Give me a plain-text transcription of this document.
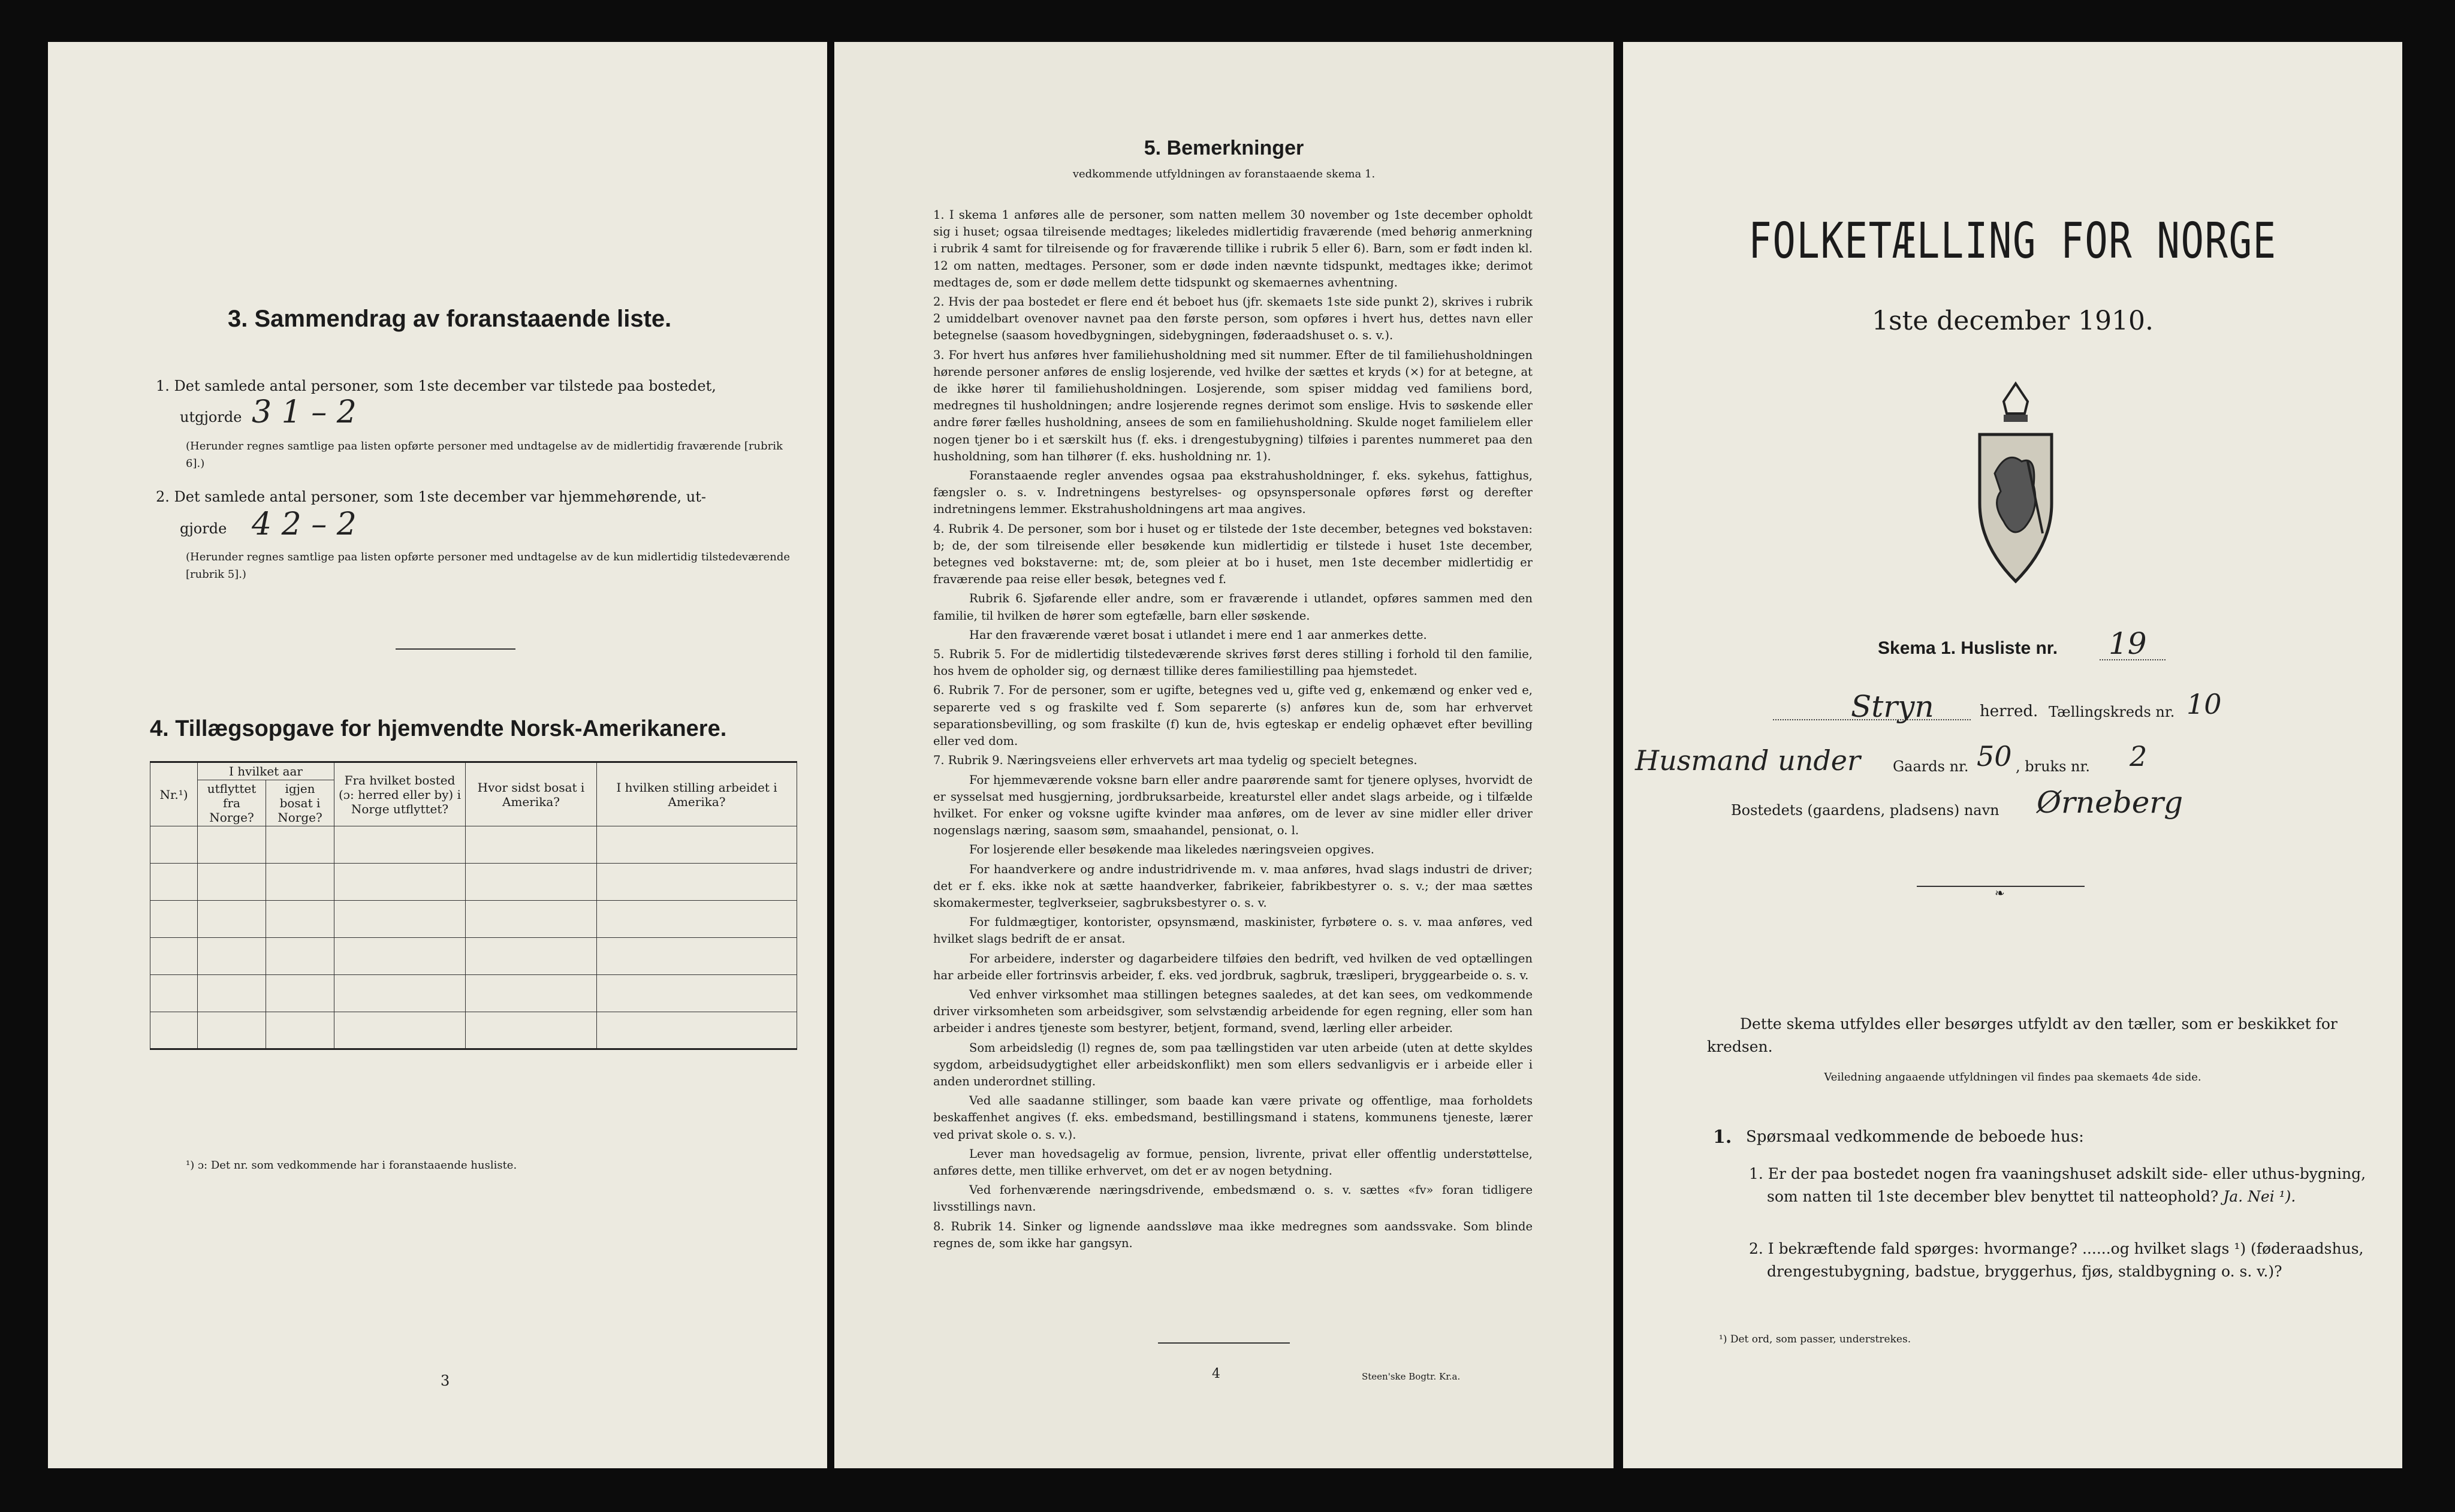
3. Sammendrag av foranstaaende liste.
1. Det samlede antal personer, som 1ste december var tilstede paa bostedet,
utgjorde 3 1 – 2
(Herunder regnes samtlige paa listen opførte personer med undtagelse av de midlertidig fraværende [rubrik 6].)
2. Det samlede antal personer, som 1ste december var hjemmehørende, ut-
gjorde 4 2 – 2
(Herunder regnes samtlige paa listen opførte personer med undtagelse av de kun midlertidig tilstedeværende [rubrik 5].)
4. Tillægsopgave for hjemvendte Norsk-Amerikanere.
Nr.¹)	I hvilket aar		Fra hvilket bosted (ɔ: herred eller by) i Norge utflyttet?	Hvor sidst bosat i Amerika?	I hvilken stilling arbeidet i Amerika?
	utflyttet fra Norge?	igjen bosat i Norge?			

¹) ɔ: Det nr. som vedkommende har i foranstaaende husliste.
3
5. Bemerkninger
vedkommende utfyldningen av foranstaaende skema 1.

1. I skema 1 anføres alle de personer, som natten mellem 30 november og 1ste december opholdt sig i huset; ogsaa tilreisende medtages; likeledes midlertidig fraværende (med behørig anmerkning i rubrik 4 samt for tilreisende og for fraværende tillike i rubrik 5 eller 6). Barn, som er født inden kl. 12 om natten, medtages. Personer, som er døde inden nævnte tidspunkt, medtages ikke; derimot medtages de, som er døde mellem dette tidspunkt og skemaernes avhentning.

2. Hvis der paa bostedet er flere end ét beboet hus (jfr. skemaets 1ste side punkt 2), skrives i rubrik 2 umiddelbart ovenover navnet paa den første person, som opføres i hvert hus, dettes navn eller betegnelse (saasom hovedbygningen, sidebygningen, føderaadshuset o. s. v.).

3. For hvert hus anføres hver familiehusholdning med sit nummer. Efter de til familiehusholdningen hørende personer anføres de enslig losjerende, ved hvilke der sættes et kryds (×) for at betegne, at de ikke hører til familiehusholdningen. Losjerende, som spiser middag ved familiens bord, medregnes til husholdningen; andre losjerende regnes derimot som enslige. Hvis to søskende eller andre fører fælles husholdning, ansees de som en familiehusholdning. Skulde noget familielem eller nogen tjener bo i et særskilt hus (f. eks. i drengestubygning) tilføies i parentes nummeret paa den husholdning, som han tilhører (f. eks. husholdning nr. 1).

Foranstaaende regler anvendes ogsaa paa ekstrahusholdninger, f. eks. sykehus, fattighus, fængsler o. s. v. Indretningens bestyrelses- og opsynspersonale opføres først og derefter indretningens lemmer. Ekstrahusholdningens art maa angives.

4. Rubrik 4. De personer, som bor i huset og er tilstede der 1ste december, betegnes ved bokstaven: b; de, der som tilreisende eller besøkende kun midlertidig er tilstede i huset 1ste december, betegnes ved bokstaverne: mt; de, som pleier at bo i huset, men 1ste december midlertidig er fraværende paa reise eller besøk, betegnes ved f.

Rubrik 6. Sjøfarende eller andre, som er fraværende i utlandet, opføres sammen med den familie, til hvilken de hører som egtefælle, barn eller søskende.

Har den fraværende været bosat i utlandet i mere end 1 aar anmerkes dette.

5. Rubrik 5. For de midlertidig tilstedeværende skrives først deres stilling i forhold til den familie, hos hvem de opholder sig, og dernæst tillike deres familiestilling paa hjemstedet.

6. Rubrik 7. For de personer, som er ugifte, betegnes ved u, gifte ved g, enkemænd og enker ved e, separerte ved s og fraskilte ved f. Som separerte (s) anføres kun de, som har erhvervet separationsbevilling, og som fraskilte (f) kun de, hvis egteskap er endelig ophævet efter bevilling eller ved dom.

7. Rubrik 9. Næringsveiens eller erhvervets art maa tydelig og specielt betegnes.

For hjemmeværende voksne barn eller andre paarørende samt for tjenere oplyses, hvorvidt de er sysselsat med husgjerning, jordbruksarbeide, kreaturstel eller andet slags arbeide, og i tilfælde hvilket. For enker og voksne ugifte kvinder maa anføres, om de lever av sine midler eller driver nogenslags næring, saasom søm, smaahandel, pensionat, o. l.

For losjerende eller besøkende maa likeledes næringsveien opgives.

For haandverkere og andre industridrivende m. v. maa anføres, hvad slags industri de driver; det er f. eks. ikke nok at sætte haandverker, fabrikeier, fabrikbestyrer o. s. v.; der maa sættes skomakermester, teglverkseier, sagbruksbestyrer o. s. v.

For fuldmægtiger, kontorister, opsynsmænd, maskinister, fyrbøtere o. s. v. maa anføres, ved hvilket slags bedrift de er ansat.

For arbeidere, inderster og dagarbeidere tilføies den bedrift, ved hvilken de ved optællingen har arbeide eller fortrinsvis arbeider, f. eks. ved jordbruk, sagbruk, træsliperi, bryggearbeide o. s. v.

Ved enhver virksomhet maa stillingen betegnes saaledes, at det kan sees, om vedkommende driver virksomheten som arbeidsgiver, som selvstændig arbeidende for egen regning, eller som han arbeider i andres tjeneste som bestyrer, betjent, formand, svend, lærling eller arbeider.

Som arbeidsledig (l) regnes de, som paa tællingstiden var uten arbeide (uten at dette skyldes sygdom, arbeidsudygtighet eller arbeidskonflikt) men som ellers sedvanligvis er i arbeide eller i anden underordnet stilling.

Ved alle saadanne stillinger, som baade kan være private og offentlige, maa forholdets beskaffenhet angives (f. eks. embedsmand, bestillingsmand i statens, kommunens tjeneste, lærer ved privat skole o. s. v.).

Lever man hovedsagelig av formue, pension, livrente, privat eller offentlig understøttelse, anføres dette, men tillike erhvervet, om det er av nogen betydning.

Ved forhenværende næringsdrivende, embedsmænd o. s. v. sættes «fv» foran tidligere livsstillings navn.

8. Rubrik 14. Sinker og lignende aandssløve maa ikke medregnes som aandssvake. Som blinde regnes de, som ikke har gangsyn.

4	Steen'ske Bogtr. Kr.a.
FOLKETÆLLING FOR NORGE
1ste december 1910.
Skema 1. Husliste nr. 19
Stryn	herred. Tællingskreds nr. 10
Husmand under Gaards nr. 50 , bruks nr. 2
Bostedets (gaardens, pladsens) navn Ørneberg
❧
Dette skema utfyldes eller besørges utfyldt av den tæller, som er beskikket for kredsen.
Veiledning angaaende utfyldningen vil findes paa skemaets 4de side.
1. Spørsmaal vedkommende de beboede hus:
1. Er der paa bostedet nogen fra vaaningshuset adskilt side- eller uthus-bygning, som natten til 1ste december blev benyttet til natteophold? Ja. Nei ¹).
2. I bekræftende fald spørges: hvormange? ......og hvilket slags ¹) (føderaadshus, drengestubygning, badstue, bryggerhus, fjøs, staldbygning o. s. v.)?
¹) Det ord, som passer, understrekes.
